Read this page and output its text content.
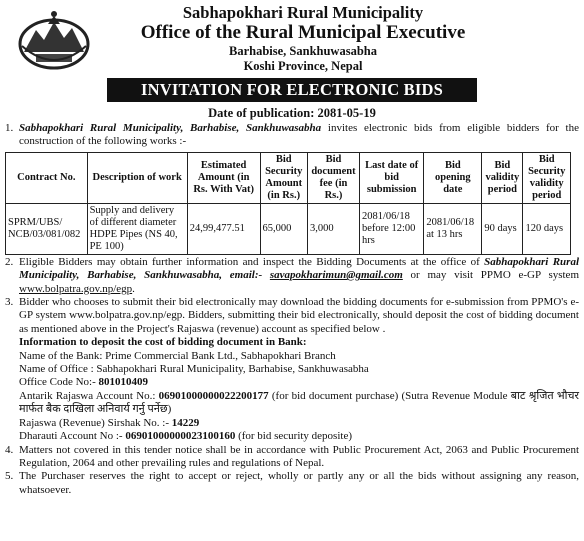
Sabhapokhari Rural Municipality
Office of the Rural Municipal Executive
Barhabise, Sankhuwasabha
Koshi Province, Nepal
INVITATION FOR ELECTRONIC BIDS
Date of publication: 2081-05-19
1. Sabhapokhari Rural Municipality, Barhabise, Sankhuwasabha invites electronic bids from eligible bidders for the construction of the following works :-
Contract No.	Description of work	Estimated Amount (in Rs. With Vat)	Bid Security Amount (in Rs.)	Bid document fee (in Rs.)	Last date of bid submission	Bid opening date	Bid validity period	Bid Security validity period
SPRM/UBS/ NCB/03/081/082	Supply and delivery of different diameter HDPE Pipes (NS 40, PE 100)	24,99,477.51	65,000	3,000	2081/06/18 before 12:00 hrs	2081/06/18 at 13 hrs	90 days	120 days
2. Eligible Bidders may obtain further information and inspect the Bidding Documents at the office of Sabhapokhari Rural Municipality, Barhabise, Sankhuwasabha, email:- savapokharimun@gmail.com or may visit PPMO e-GP system www.bolpatra.gov.np/egp.
3. Bidder who chooses to submit their bid electronically may download the bidding documents for e-submission from PPMO's e-GP system www.bolpatra.gov.np/egp. Bidders, submitting their bid electronically, should deposit the cost of bidding document as mentioned above in the Project's Rajaswa (revenue) account as specified below .
Information to deposit the cost of bidding document in Bank:
Name of the Bank: Prime Commercial Bank Ltd., Sabhapokhari Branch
Name of Office : Sabhapokhari Rural Municipality, Barhabise, Sankhuwasabha
Office Code No:- 801010409
Antarik Rajaswa Account No.: 06901000000022200177 (for bid document purchase) (Sutra Revenue Module बाट श्रृजित भौचर मार्फत बैक दाखिला अनिवार्य गर्नु पर्नेछ)
Rajaswa (Revenue) Sirshak No. :- 14229
Dharauti Account No :- 06901000000023100160 (for bid security deposite)
4. Matters not covered in this tender notice shall be in accordance with Public Procurement Act, 2063 and Public Procurement Regulation, 2064 and other prevailing rules and regulations of Nepal.
5. The Purchaser reserves the right to accept or reject, wholly or partly any or all the bids without assigning any reason, whatsoever.
